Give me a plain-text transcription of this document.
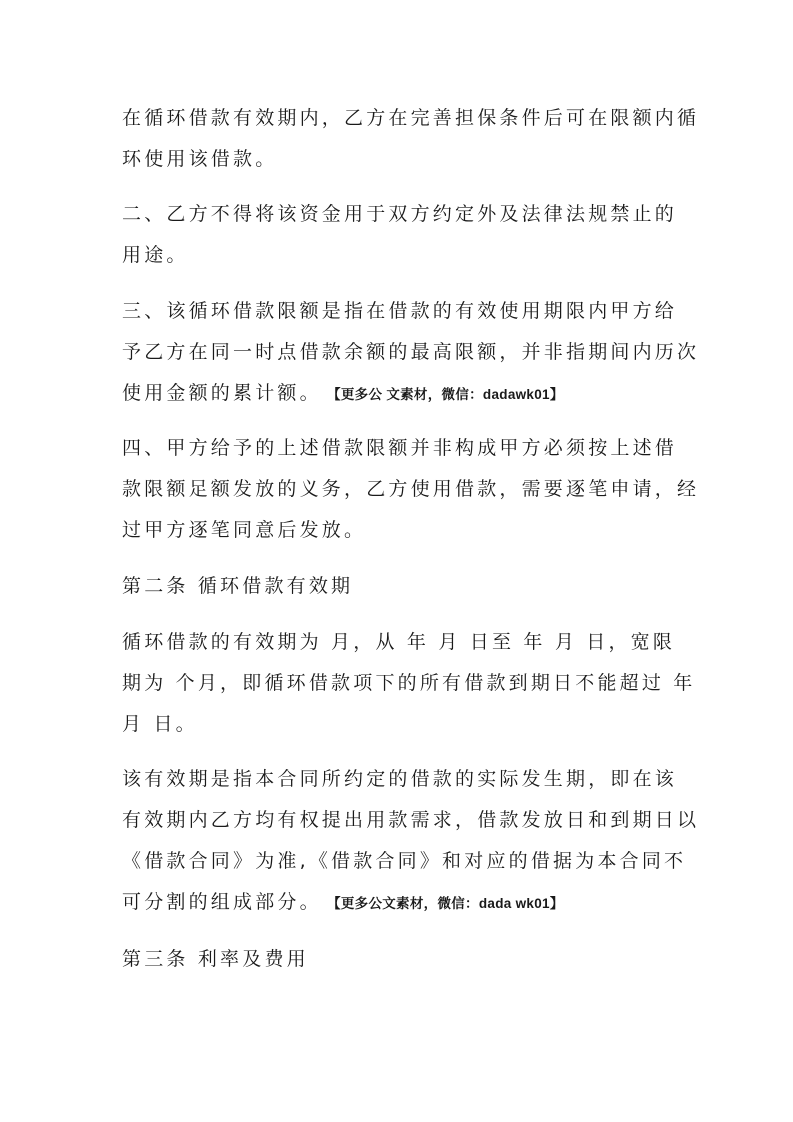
在循环借款有效期内，乙方在完善担保条件后可在限额内循
环使用该借款。
二、乙方不得将该资金用于双方约定外及法律法规禁止的
用途。
三、该循环借款限额是指在借款的有效使用期限内甲方给
予乙方在同一时点借款余额的最高限额，并非指期间内历次
使用金额的累计额。 【更多公 文素材，微信：dadawk01】
四、甲方给予的上述借款限额并非构成甲方必须按上述借
款限额足额发放的义务，乙方使用借款，需要逐笔申请，经
过甲方逐笔同意后发放。
第二条 循环借款有效期
循环借款的有效期为 月，从 年 月 日至 年 月 日，宽限
期为 个月，即循环借款项下的所有借款到期日不能超过 年
月 日。
该有效期是指本合同所约定的借款的实际发生期，即在该
有效期内乙方均有权提出用款需求，借款发放日和到期日以
《借款合同》为准,《借款合同》和对应的借据为本合同不
可分割的组成部分。 【更多公文素材，微信：dada wk01】
第三条 利率及费用
